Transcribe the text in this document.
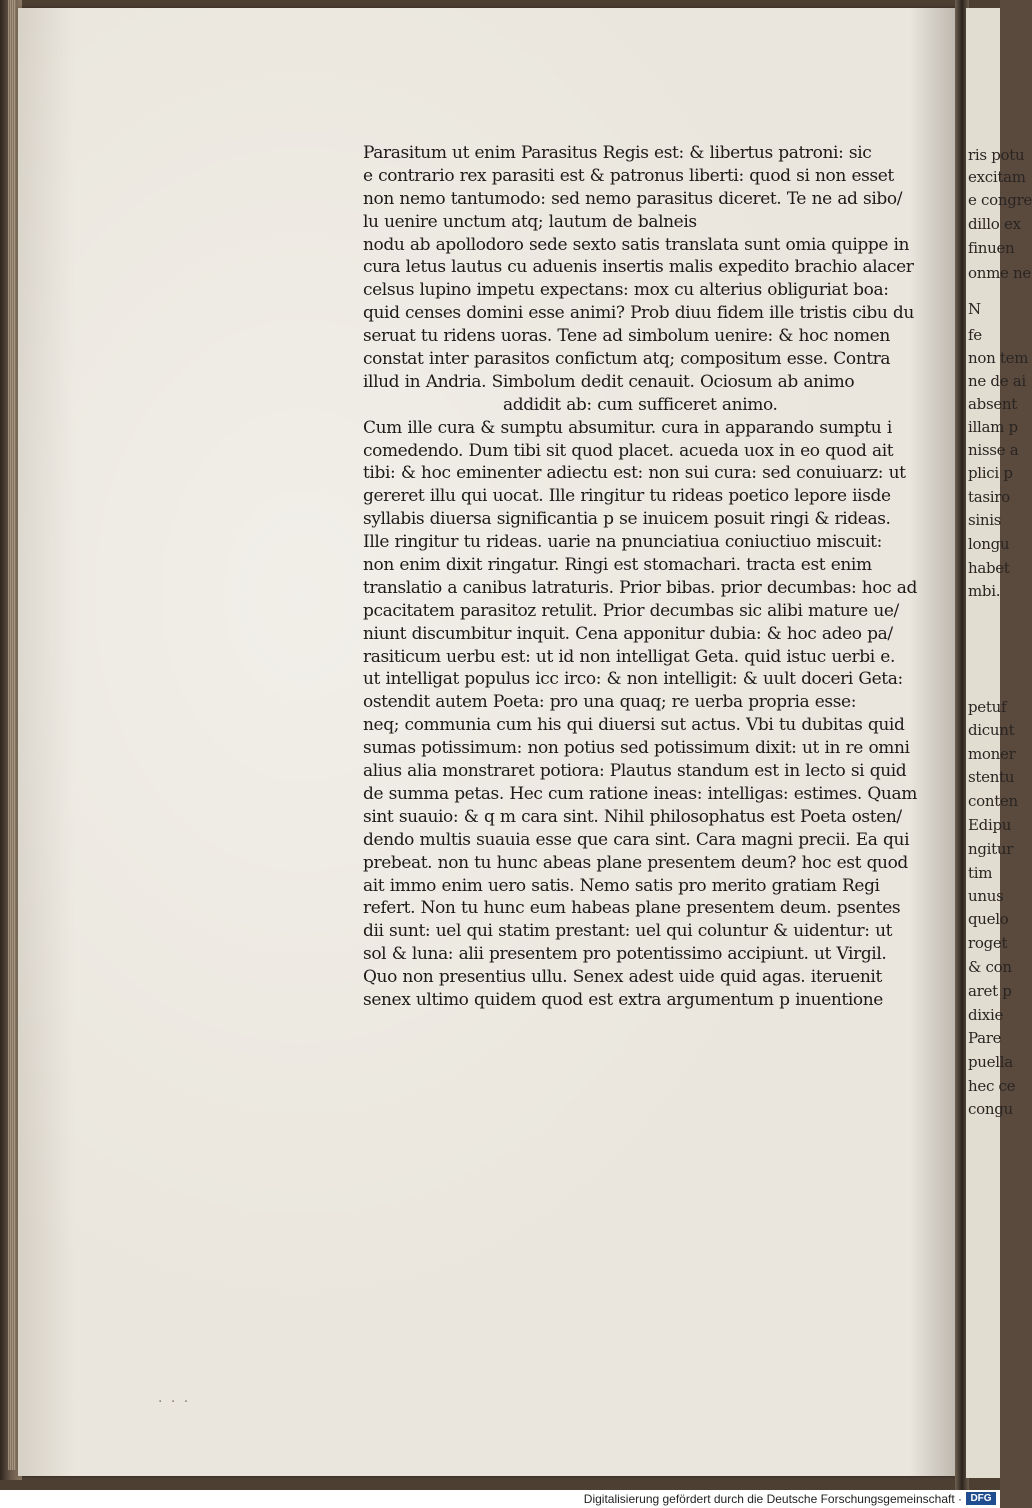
Parasitum ut enim Parasitus Regis est: & libertus patroni: sic
e contrario rex parasiti est & patronus liberti: quod si non esset
non nemo tantumodo: sed nemo parasitus diceret. Te ne ad sibo/
lu uenire unctum atq; lautum de balneis
nodu ab apollodoro sede sexto satis translata sunt omia quippe in
cura letus lautus cu aduenis insertis malis expedito brachio alacer
celsus lupino impetu expectans: mox cu alterius obliguriat boa:
quid censes domini esse animi? Prob diuu fidem ille tristis cibu du
seruat tu ridens uoras. Tene ad simbolum uenire: & hoc nomen
constat inter parasitos confictum atq; compositum esse. Contra
illud in Andria. Simbolum dedit cenauit. Ociosum ab animo
addidit ab: cum sufficeret animo.
Cum ille cura & sumptu absumitur. cura in apparando sumptu i
comedendo. Dum tibi sit quod placet. acueda uox in eo quod ait
tibi: & hoc eminenter adiectu est: non sui cura: sed conuiuarz: ut
gereret illu qui uocat. Ille ringitur tu rideas poetico lepore iisde
syllabis diuersa significantia p se inuicem posuit ringi & rideas.
Ille ringitur tu rideas. uarie na pnunciatiua coniuctiuo miscuit:
non enim dixit ringatur. Ringi est stomachari. tracta est enim
translatio a canibus latraturis. Prior bibas. prior decumbas: hoc ad
pcacitatem parasitoz retulit. Prior decumbas sic alibi mature ue/
niunt discumbitur inquit. Cena apponitur dubia: & hoc adeo pa/
rasiticum uerbu est: ut id non intelligat Geta. quid istuc uerbi e.
ut intelligat populus icc irco: & non intelligit: & uult doceri Geta:
ostendit autem Poeta: pro una quaq; re uerba propria esse:
neq; communia cum his qui diuersi sut actus. Vbi tu dubitas quid
sumas potissimum: non potius sed potissimum dixit: ut in re omni
alius alia monstraret potiora: Plautus standum est in lecto si quid
de summa petas. Hec cum ratione ineas: intelligas: estimes. Quam
sint suauio: & q m cara sint. Nihil philosophatus est Poeta osten/
dendo multis suauia esse que cara sint. Cara magni precii. Ea qui
prebeat. non tu hunc abeas plane presentem deum? hoc est quod
ait immo enim uero satis. Nemo satis pro merito gratiam Regi
refert. Non tu hunc eum habeas plane presentem deum. psentes
dii sunt: uel qui statim prestant: uel qui coluntur & uidentur: ut
sol & luna: alii presentem pro potentissimo accipiunt. ut Virgil.
Quo non presentius ullu. Senex adest uide quid agas. iteruenit
senex ultimo quidem quod est extra argumentum p inuentione
· · ·
ris potu
excitam
e congre
dillo ex
finuen
onme ne
N
fe
non tem
ne de ai
absent
illam p
nisse a
plici p
tasiro
sinis
longu
habet
mbi.
petuf
dicunt
moner
stentu
conten
Edipu
ngitur
tim
unus
quelo
roget
& con
aret p
dixie
Pare
puella
hec ce
congu
Digitalisierung gefördert durch die Deutsche Forschungsgemeinschaft · DFG
